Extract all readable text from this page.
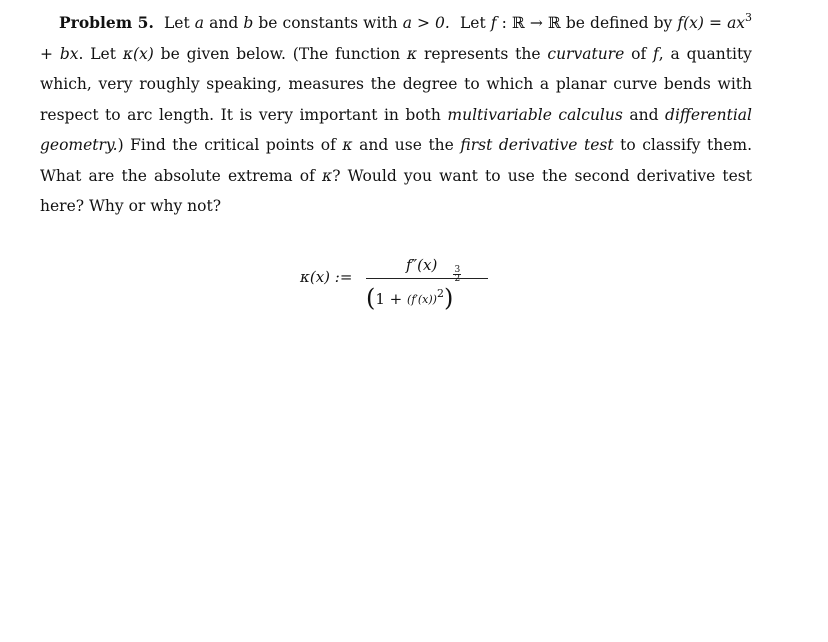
Problem 5. Let a and b be constants with a > 0. Let f : ℝ → ℝ be defined by $f(x) = ax^3$ + bx. Let κ(x) be given below. (The function κ represents the curvature of f, a quantity which, very roughly speaking, measures the degree to which a planar curve bends with respect to arc length. It is very important in both multivariable calculus and differential geometry.) Find the critical points of κ and use the first derivative test to classify them. What are the absolute extrema of κ? Would you want to use the second derivative test here? Why or why not?
κ(x) :=
f″(x)
$(1 + (f'(x))^2)$
$\frac{3}{2}$
